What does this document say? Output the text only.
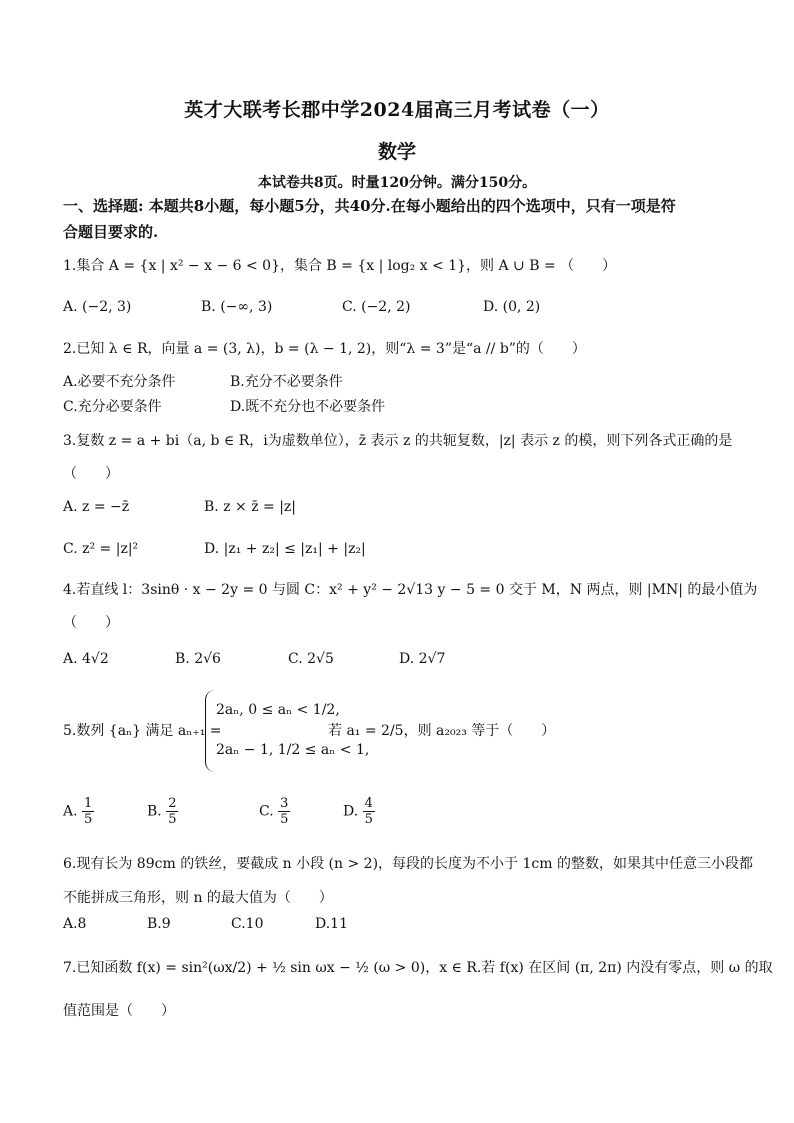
英才大联考长郡中学2024届高三月考试卷（一）
数学
本试卷共8页。时量120分钟。满分150分。
一、选择题: 本题共8小题，每小题5分，共40分.在每小题给出的四个选项中，只有一项是符
合题目要求的.
1.集合 A = {x | x² − x − 6 < 0}，集合 B = {x | log₂ x < 1}，则 A ∪ B = （　　）
A. (−2, 3)	B. (−∞, 3)	C. (−2, 2)	D. (0, 2)
2.已知 λ ∈ R，向量 a = (3, λ)，b = (λ − 1, 2)，则“λ = 3”是“a // b”的（　　）
A.必要不充分条件	B.充分不必要条件
C.充分必要条件	D.既不充分也不必要条件
3.复数 z = a + bi（a, b ∈ R，i为虚数单位），z̄ 表示 z 的共轭复数，|z| 表示 z 的模，则下列各式正确的是
（　　）
A. z = −z̄	B. z × z̄ = |z|
C. z² = |z|²	D. |z₁ + z₂| ≤ |z₁| + |z₂|
4.若直线 l：3sinθ · x − 2y = 0 与圆 C：x² + y² − 2√13 y − 5 = 0 交于 M，N 两点，则 |MN| 的最小值为
（　　）
A. 4√2	B. 2√6	C. 2√5	D. 2√7
5.数列 {aₙ} 满足 aₙ₊₁ =
2aₙ, 0 ≤ aₙ < 1/2,
2aₙ − 1, 1/2 ≤ aₙ < 1,
若 a₁ = 2/5，则 a₂₀₂₃ 等于（　　）
A. $\frac{1}{5}$	B. $\frac{2}{5}$	C. $\frac{3}{5}$	D. $\frac{4}{5}$
6.现有长为 89cm 的铁丝，要截成 n 小段 (n > 2)，每段的长度为不小于 1cm 的整数，如果其中任意三小段都
不能拼成三角形，则 n 的最大值为（　　）
A.8	B.9	C.10	D.11
7.已知函数 f(x) = sin²(ωx/2) + ½ sin ωx − ½ (ω > 0)，x ∈ R.若 f(x) 在区间 (π, 2π) 内没有零点，则 ω 的取
值范围是（　　）
